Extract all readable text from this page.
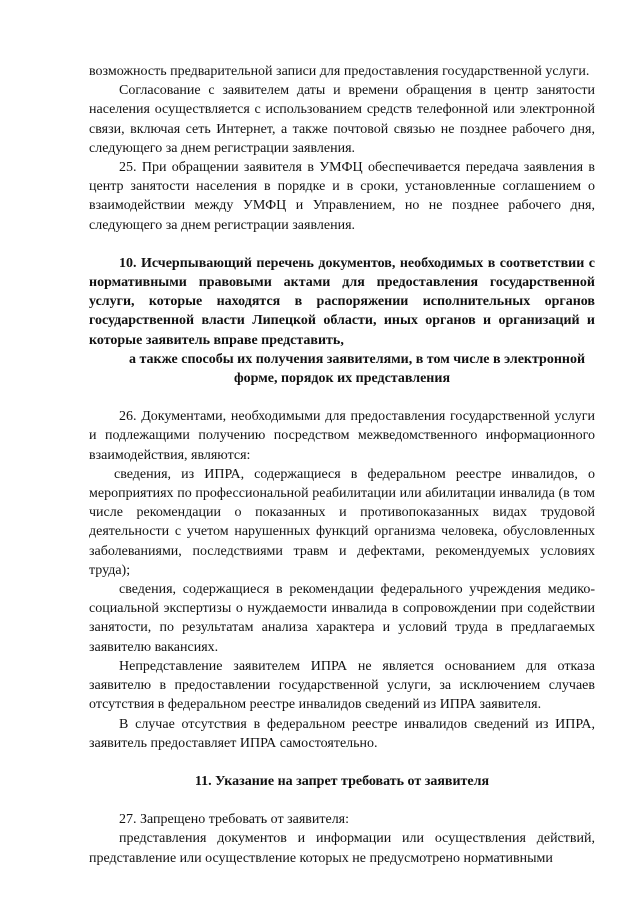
возможность предварительной записи для предоставления государственной услуги.

Согласование с заявителем даты и времени обращения в центр занятости населения осуществляется с использованием средств телефонной или электронной связи, включая сеть Интернет, а также почтовой связью не позднее рабочего дня, следующего за днем регистрации заявления.

25. При обращении заявителя в УМФЦ обеспечивается передача заявления в центр занятости населения в порядке и в сроки, установленные соглашением о взаимодействии между УМФЦ и Управлением, но не позднее рабочего дня, следующего за днем регистрации заявления.

10. Исчерпывающий перечень документов, необходимых в соответствии с нормативными правовыми актами для предоставления государственной услуги, которые находятся в распоряжении исполнительных органов государственной власти Липецкой области, иных органов и организаций и которые заявитель вправе представить,
а также способы их получения заявителями, в том числе в электронной форме, порядок их представления

26. Документами, необходимыми для предоставления государственной услуги и подлежащими получению посредством межведомственного информационного взаимодействия, являются:

сведения, из ИПРА, содержащиеся в федеральном реестре инвалидов, о мероприятиях по профессиональной реабилитации или абилитации инвалида (в том числе рекомендации о показанных и противопоказанных видах трудовой деятельности с учетом нарушенных функций организма человека, обусловленных заболеваниями, последствиями травм и дефектами, рекомендуемых условиях труда);

сведения, содержащиеся в рекомендации федерального учреждения медико-социальной экспертизы о нуждаемости инвалида в сопровождении при содействии занятости, по результатам анализа характера и условий труда в предлагаемых заявителю вакансиях.

Непредставление заявителем ИПРА не является основанием для отказа заявителю в предоставлении государственной услуги, за исключением случаев отсутствия в федеральном реестре инвалидов сведений из ИПРА заявителя.

В случае отсутствия в федеральном реестре инвалидов сведений из ИПРА, заявитель предоставляет ИПРА самостоятельно.

11. Указание на запрет требовать от заявителя

27. Запрещено требовать от заявителя:

представления документов и информации или осуществления действий, представление или осуществление которых не предусмотрено нормативными
